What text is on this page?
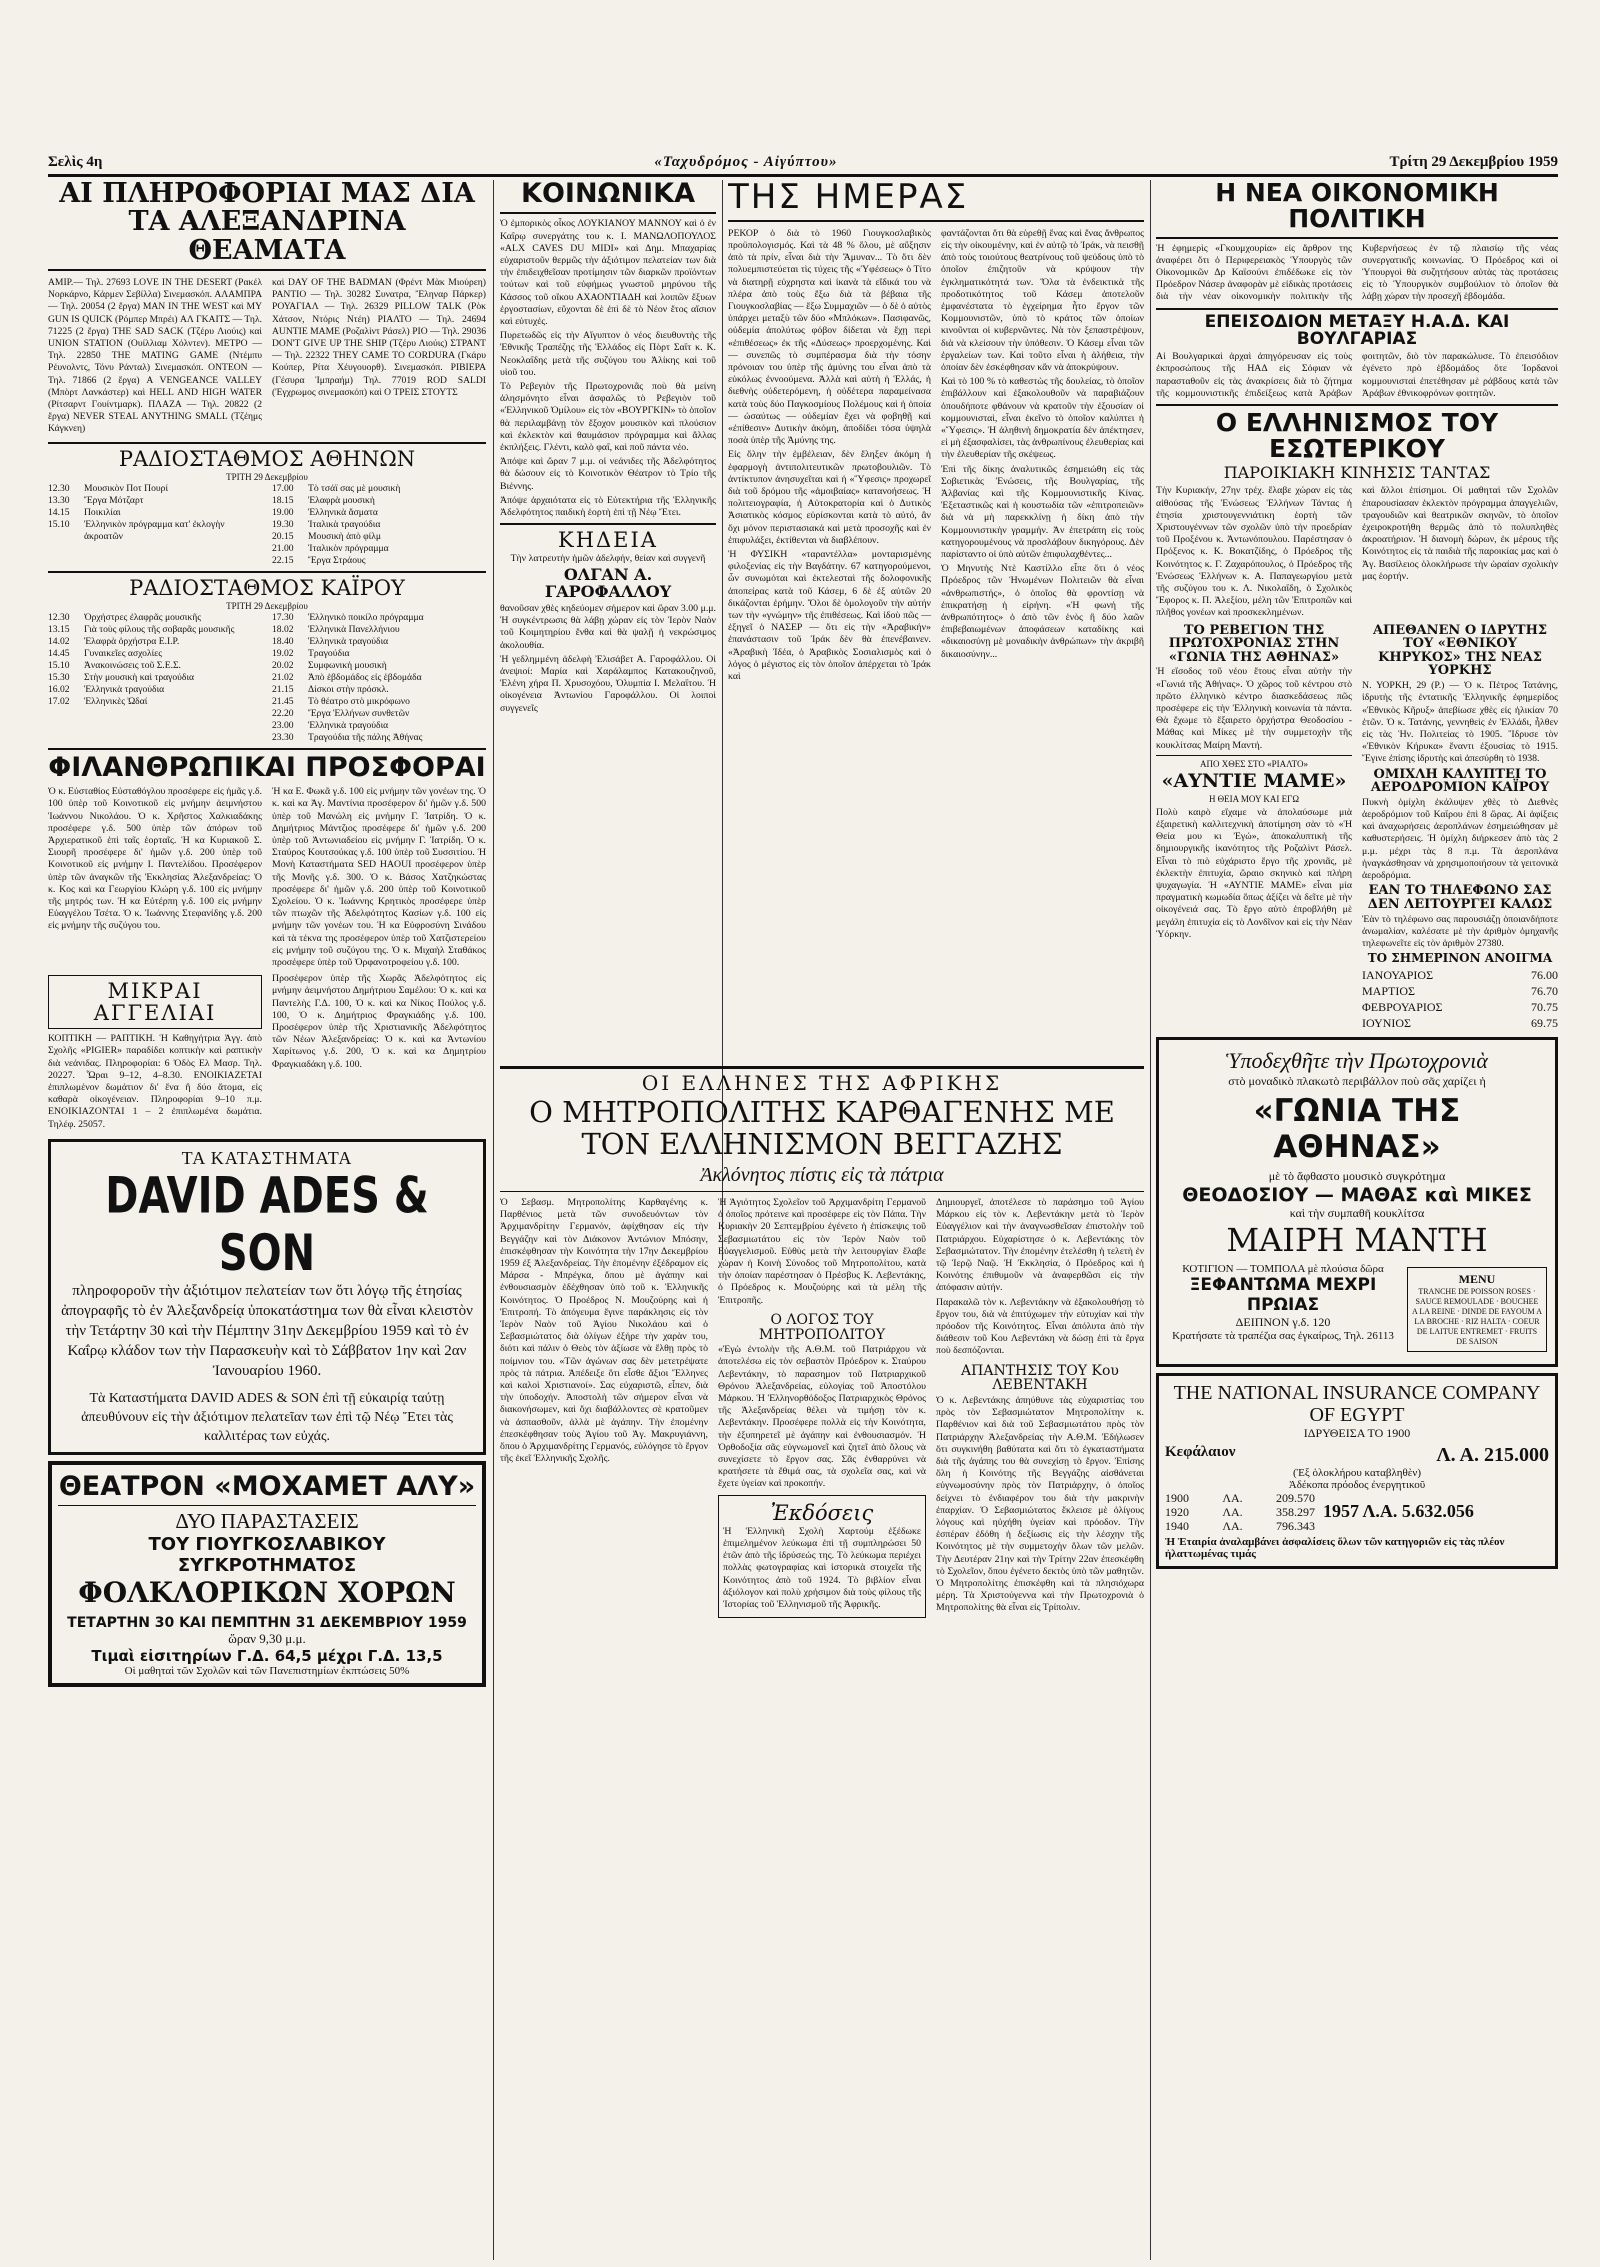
Σελὶς 4η	«Ταχυδρόμος - Αἰγύπτου»	Τρίτη 29 Δεκεμβρίου 1959
ΑΙ ΠΛΗΡΟΦΟΡΙΑΙ ΜΑΣ ΔΙΑ ΤΑ ΑΛΕΞΑΝΔΡΙΝΑ ΘΕΑΜΑΤΑ
ΑΜΙΡ.— Τηλ. 27693 LOVE IN THE DESERT (Ρακέλ Νορκάρνο, Κάρμεν Σεβίλλα) Σινεμασκόπ. ΑΛΑΜΠΡΑ — Τηλ. 20054 (2 ἔργα) MAN IN THE WEST καὶ MY GUN IS QUICK (Ρόμπερ Μπρέι) ΑΛ ΓΚΑΙΤΣ — Τηλ. 71225 (2 ἔργα) THE SAD SACK (Τζέρυ Λιούις) καὶ UNION STATION (Ουίλλιαμ Χόλντεν). ΜΕΤΡΟ — Τηλ. 22850 THE MATING GAME (Ντέμπυ Ρέυνολντς, Τόνυ Ράνταλ) Σινεμασκόπ. ΟΝΤΕΟΝ — Τηλ. 71866 (2 ἔργα) A VENGEANCE VALLEY (Μπὸρτ Λανκάστερ) καὶ HELL AND HIGH WATER (Ρίτσαρντ Γουίντμαρκ). ΠΛΑΖΑ — Τηλ. 20822 (2 ἔργα) NEVER STEAL ANYTHING SMALL (Τζέημς Κάγκνεη)
καὶ DAY OF THE BADMAN (Φρέντ Μὰκ Μιούρεη) ΡΑΝΤΙΟ — Τηλ. 30282 Συνατρα, Ἔληναρ Πάρκερ) ΡΟΥΑΓΙΑΛ — Τηλ. 26329 PILLOW TALK (Ρὸκ Χάτσον, Ντόρις Ντέη) ΡΙΑΛΤΟ — Τηλ. 24694 AUNTIE MAME (Ροζαλὶντ Ράσελ) ΡΙΟ — Τηλ. 29036 DON'T GIVE UP THE SHIP (Τζέρυ Λιούις) ΣΤΡΑΝΤ — Τηλ. 22322 THEY CAME TO CORDURA (Γκάρυ Κούπερ, Ρίτα Χέυγουορθ). Σινεμασκόπ. ΡΙΒΙΕΡΑ (Γέσυρα Ἰμπραήμ) Τηλ. 77019 ROD SALDI (Ἐγχρωμος σινεμασκόπ) καὶ Ο ΤΡΕΙΣ ΣΤΟΥΤΣ
ΡΑΔΙΟΣΤΑΘΜΟΣ ΑΘΗΝΩΝ
ΤΡΙΤΗ 29 Δεκεμβρίου
12.30	Μουσικὸν Ποτ Πουρί
13.30	Ἔργα Μότζαρτ
14.15	Ποικιλίαι
15.10	Ἑλληνικὸν πρόγραμμα κατ' ἐκλογὴν ἀκροατῶν
17.00	Τὸ τσάϊ σας μὲ μουσικὴ
18.15	Ἐλαφρὰ μουσικὴ
19.00	Ἑλληνικὰ ἄσματα
19.30	Ἰταλικὰ τραγούδια
20.15	Μουσικὴ ἀπὸ φίλμ
21.00	Ἰταλικὸν πρόγραμμα
22.15	Ἔργα Στράους
ΡΑΔΙΟΣΤΑΘΜΟΣ ΚΑΪΡΟΥ
ΤΡΙΤΗ 29 Δεκεμβρίου
12.30	Ὀρχήστρες ἐλαφρᾶς μουσικῆς
13.15	Γιὰ τοὺς φίλους τῆς σοβαρᾶς μουσικῆς
14.02	Ἐλαφρὰ ὀρχήστρα Ε.Ι.Ρ.
14.45	Γυναικεῖες ασχολίες
15.10	Ἀνακοινώσεις τοῦ Σ.Ε.Σ.
15.30	Στὴν μουσικὴ καὶ τραγούδια
16.02	Ἑλληνικὰ τραγούδια
17.02	Ἑλληνικὲς Ὠδαί
17.30	Ἑλληνικὸ ποικίλο πρόγραμμα
18.02	Ἑλληνικὰ Πανελλήνιου
18.40	Ἑλληνικὰ τραγούδια
19.02	Τραγούδια
20.02	Συμφωνικὴ μουσικὴ
21.02	Ἀπὸ ἑβδομάδος εἰς ἑβδομάδα
21.15	Δίσκοι στὴν πρόσκλ.
21.45	Τὸ θέατρο στὸ μικρόφωνο
22.20	Ἔργα Ἑλλήνων συνθετῶν
23.00	Ἑλληνικὰ τραγούδια
23.30	Τραγούδια τῆς πάλης Ἀθήνας
ΦΙΛΑΝΘΡΩΠΙΚΑΙ ΠΡΟΣΦΟΡΑΙ
Ὁ κ. Εὐσταθίος Εὐσταθόγλου προσέφερε εἰς ἡμᾶς γ.δ. 100 ὑπὲρ τοῦ Κοινοτικοῦ εἰς μνήμην ἀειμνήστου Ἰωάννου Νικολάου. Ὁ κ. Χρῆστος Χαλκιαδάκης προσέφερε γ.δ. 500 ὑπὲρ τῶν ἀπόρων τοῦ Ἀρχιερατικοῦ ἐπὶ ταῖς ἑορταῖς. Ἡ κα Κυριακοῦ Σ. Σιουρῆ προσέφερε δι' ἡμῶν γ.δ. 200 ὑπὲρ τοῦ Κοινοτικοῦ εἰς μνήμην Ι. Παντελίδου. Προσέφερον ὑπὲρ τῶν ἀναγκῶν τῆς Ἐκκλησίας Ἀλεξανδρείας: Ὁ κ. Κος καὶ κα Γεωργίου Κλώρη γ.δ. 100 εἰς μνήμην τῆς μητρός των. Ἡ κα Εὐτέρπη γ.δ. 100 εἰς μνήμην Εὐαγγέλου Τσέτα. Ὁ κ. Ἰωάννης Στεφανίδης γ.δ. 200 εἰς μνήμην τῆς συζύγου του.
Ἡ κα Ε. Φωκᾶ γ.δ. 100 εἰς μνήμην τῶν γονέων της. Ὁ κ. καὶ κα Ἀγ. Μαντίνια προσέφερον δι' ἡμῶν γ.δ. 500 ὑπὲρ τοῦ Μανώλη εἰς μνήμην Γ. Ἰατρίδη. Ὁ κ. Δημήτριος Μάντζιος προσέφερε δι' ἡμῶν γ.δ. 200 ὑπὲρ τοῦ Ἀντωνιαδείου εἰς μνήμην Γ. Ἰατρίδη. Ὁ κ. Σταύρος Κουτσούκας γ.δ. 100 ὑπὲρ τοῦ Συσσιτίου. Ἡ Μονὴ Καταστήματα SED HAOUI προσέφερον ὑπὲρ τῆς Μονῆς γ.δ. 300. Ὁ κ. Βάσος Χατζηκώστας προσέφερε δι' ἡμῶν γ.δ. 200 ὑπὲρ τοῦ Κοινοτικοῦ Σχολείου. Ὁ κ. Ἰωάννης Κρητικὸς προσέφερε ὑπὲρ τῶν πτωχῶν τῆς Ἀδελφότητος Κασίων γ.δ. 100 εἰς μνήμην τῶν γονέων του. Ἡ κα Εὐφροσύνη Σινάδου καὶ τὰ τέκνα της προσέφερον ὑπὲρ τοῦ Χατζιστερείου εἰς μνήμην τοῦ συζύγου της. Ὁ κ. Μιχαὴλ Σταθάκος προσέφερε ὑπὲρ τοῦ Ὀρφανοτροφείου γ.δ. 100.
ΜΙΚΡΑΙ ΑΓΓΕΛΙΑΙ
ΚΟΠΤΙΚΗ — ΡΑΠΤΙΚΗ. Ἡ Καθηγήτρια Ἀγγ. ἀπὸ Σχολῆς «PIGIER» παραδίδει κοπτικὴν καὶ ραπτικὴν διὰ νεάνιδας. Πληροφορίαι: 6 Ὁδὸς Ελ Μασρ. Τηλ. 20227. Ὧραι 9–12, 4–8.30. ΕΝΟΙΚΙΑΖΕΤΑΙ ἐπιπλωμένον δωμάτιον δι' ἕνα ἢ δύο ἄτομα, εἰς καθαρὰ οἰκογένειαν. Πληροφορίαι 9–10 π.μ. ΕΝΟΙΚΙΑΖΟΝΤΑΙ 1 – 2 ἐπιπλωμένα δωμάτια. Τηλέφ. 25057.
Προσέφερον ὑπὲρ τῆς Χωρᾶς Ἀδελφότητος εἰς μνήμην ἀειμνήστου Δημήτριου Σαμέλου: Ὁ κ. καὶ κα Παντελὴς Γ.Δ. 100, Ὁ κ. καὶ κα Νίκος Πούλος γ.δ. 100, Ὁ κ. Δημήτριος Φραγκιάδης γ.δ. 100. Προσέφερον ὑπὲρ τῆς Χριστιανικῆς Ἀδελφότητος τῶν Νέων Ἀλεξανδρείας: Ὁ κ. καὶ κα Ἀντωνίου Χαρίτωνος γ.δ. 200, Ὁ κ. καὶ κα Δημητρίου Φραγκιαδάκη γ.δ. 100.
ΤΑ ΚΑΤΑΣΤΗΜΑΤΑ
DAVID ADES & SON
πληροφοροῦν τὴν ἀξιότιμον πελατείαν των ὅτι λόγῳ τῆς ἐτησίας ἀπογραφῆς τὸ ἐν Ἀλεξανδρείᾳ ὑποκατάστημα των θὰ εἶναι κλειστὸν τὴν Τετάρτην 30 καὶ τὴν Πέμπτην 31ην Δεκεμβρίου 1959 καὶ τὸ ἐν Καΐρῳ κλάδον των τὴν Παρασκευὴν καὶ τὸ Σάββατον 1ην καὶ 2αν Ἰανουαρίου 1960.
Τὰ Καταστήματα DAVID ADES & SON ἐπὶ τῇ εὐκαιρίᾳ ταύτῃ ἀπευθύνουν εἰς τὴν ἀξιότιμον πελατεῖαν των ἐπὶ τῷ Νέῳ Ἔτει τὰς καλλιτέρας των εὐχάς.
ΘΕΑΤΡΟΝ «ΜΟΧΑΜΕΤ ΑΛΥ»
ΔΥΟ ΠΑΡΑΣΤΑΣΕΙΣ
ΤΟΥ ΓΙΟΥΓΚΟΣΛΑΒΙΚΟΥ ΣΥΓΚΡΟΤΗΜΑΤΟΣ
ΦΟΛΚΛΟΡΙΚΩΝ ΧΟΡΩΝ
ΤΕΤΑΡΤΗΝ 30 ΚΑΙ ΠΕΜΠΤΗΝ 31 ΔΕΚΕΜΒΡΙΟΥ 1959
ὥραν 9,30 μ.μ.
Τιμαὶ εἰσιτηρίων Γ.Δ. 64,5 μέχρι Γ.Δ. 13,5
Οἱ μαθηταὶ τῶν Σχολῶν καὶ τῶν Πανεπιστημίων ἐκπτώσεις 50%
ΚΟΙΝΩΝΙΚΑ
Ὁ ἐμπορικὸς οἶκος ΛΟΥΚΙΑΝΟΥ ΜΑΝΝΟΥ καὶ ὁ ἐν Καΐρῳ συνεργάτης του κ. Ι. ΜΑΝΩΛΟΠΟΥΛΟΣ «ALX CAVES DU MIDI» καὶ Δημ. Μπαχαρίας εὐχαριστοῦν θερμῶς τὴν ἀξιότιμον πελατείαν των διὰ τὴν ἐπιδειχθεῖσαν προτίμησιν τῶν διαρκῶν προϊόντων τούτων καὶ τοῦ εὐφήμως γνωστοῦ μηρύνου τῆς Κάσσος τοῦ οἴκου ΑΧΑΟΝΤΙΑΔΗ καὶ λοιπῶν ἔξυων ἐργοστασίων, εὔχονται δὲ ἐπὶ δὲ τὸ Νέον ἔτος αἴσιον καὶ εὐτυχές.
Πυρετωδῶς εἰς τὴν Αἴγυπτον ὁ νέος διευθυντὴς τῆς Ἐθνικῆς Τραπέζης τῆς Ἑλλάδος εἰς Πὸρτ Σαΐτ κ. Κ. Νεοκλαΐδης μετὰ τῆς συζύγου του Ἀλίκης καὶ τοῦ υἱοῦ του.
Τὸ Ρεβεγιὸν τῆς Πρωτοχρονιᾶς ποὺ θὰ μείνη ἀλησμόνητο εἶναι ἀσφαλῶς τὸ Ρεβεγιὸν τοῦ «Ἑλληνικοῦ Ὀμίλου» εἰς τὸν «ΒΟΥΡΓΚΙΝ» τὸ ὁποῖον θὰ περιλαμβάνῃ τὸν ἔξοχον μουσικὸν καὶ πλούσιον καὶ ἐκλεκτὸν καὶ θαυμάσιον πρόγραμμα καὶ ἄλλας ἐκπλήξεις. Γλέντι, καλὸ φαΐ, καὶ ποῦ πάντα νέο.
Ἀπόψε καὶ ὥραν 7 μ.μ. οἱ νεάνιδες τῆς Ἀδελφότητος θὰ δώσουν εἰς τὸ Κοινοτικὸν Θέατρον τὸ Τρίο τῆς Βιέννης.
Ἀπόψε ἀρχαιότατα εἰς τὸ Εὐτεκτήρια τῆς Ἑλληνικῆς Ἀδελφότητος παιδικὴ ἑορτὴ ἐπὶ τῇ Νέῳ Ἔτει.
ΚΗΔΕΙΑ
Τὴν λατρευτὴν ἡμῶν ἀδελφήν, θείαν καὶ συγγενῆ
ΟΛΓΑΝ Α. ΓΑΡΟΦΑΛΛΟΥ
θανοῦσαν χθὲς κηδεύομεν σήμερον καὶ ὥραν 3.00 μ.μ. Ἡ συγκέντρωσις θὰ λάβῃ χώραν εἰς τὸν Ἱερὸν Ναὸν τοῦ Κοιμητηρίου ἔνθα καὶ θὰ ψαλῇ ἡ νεκρώσιμος ἀκολουθία.
Ἡ γεδλημμένη ἀδελφὴ Ἐλισάβετ Α. Γαροφάλλου. Οἱ ἀνεψιοί: Μαρία καὶ Χαράλαμπος Κατακουζηνοῦ, Ἑλένη χήρα Π. Χρυσοχόου, Ὀλυμπία Ι. Μελαΐτου. Ἡ οἰκογένεια Ἀντωνίου Γαροφάλλου. Οἱ λοιποὶ συγγενεῖς
ΤΗΣ ΗΜΕΡΑΣ
ΡΕΚΟΡ ὁ διὰ τὸ 1960 Γιουγκοσλαβικὸς προϋπολογισμός. Καὶ τὰ 48 % ὅλου, μὲ αὔξησιν ἀπὸ τὰ πρίν, εἶναι διὰ τὴν Ἄμυναν... Τὸ ὅτι δὲν πολυεμπιστεύεται τὶς τύχεις τῆς «Ὑφέσεως» ὁ Τίτο νὰ διατηρῇ εὐχρηστα καὶ ἱκανὰ τὰ εἴδικά του νὰ πλέρα ἀπὸ τοὺς ἔξω διὰ τὰ βέβαια τῆς Γιουγκοσλαβίας — ἔξω Συμμαχιῶν — ὁ δὲ ὁ αὐτὸς ὑπάρχει μεταξὺ τῶν δύο «Μπλόκων». Πασιφανῶς, οὐδεμία ἀπολύτως φόβον δίδεται νὰ ἔχῃ περὶ «ἐπιθέσεως» ἐκ τῆς «Δύσεως» προερχομένης. Καὶ — συνεπῶς τὸ συμπέρασμα διὰ τὴν τόσην πρόνοιαν του ὑπὲρ τῆς ἀμύνης του εἶναι ἀπὸ τὰ εὐκόλως ἐννοούμενα. Ἀλλὰ καὶ αὐτὴ ἡ Ἑλλάς, ἡ διεθνὴς οὐδετερόμενη, ἡ οὐδέτερα παραμείνασα κατὰ τοὺς δύο Παγκοσμίους Πολέμους καὶ ἡ ὁποία — ὡσαύτως — οὐδεμίαν ἔχει νὰ φοβηθῇ καὶ «ἐπίθεσιν» Δυτικὴν ἀκόμη, ἀποδίδει τόσα ὑψηλὰ ποσὰ ὑπὲρ τῆς Ἀμύνης της.
Εἰς ὅλην τὴν ἐμβέλειαν, δὲν ἔληξεν ἀκόμη ἡ ἐφαρμογὴ ἀντιπολιτευτικῶν πρωτοβουλιῶν. Τὸ ἀντίκτυπον ἀνησυχεῖται καὶ ἡ «Ὕφεσις» προχωρεῖ διὰ τοῦ δρόμου τῆς «ἀμοιβαίας» κατανοήσεως. Ἡ πολιτειογραφία, ἡ Αὐτοκρατορία καὶ ὁ Δυτικὸς Ἀσιατικὸς κόσμος εὑρίσκονται κατὰ τὸ αὐτό, ἂν ὄχι μόνον περιστασιακά καὶ μετὰ προσοχῆς καὶ ἐν ἐπιφυλάξει, ἐκτίθενται νὰ διαβλέπουν.
Ἡ ΦΥΣΙΚΗ «ταραντέλλα» μονταρισμένης φιλοξενίας εἰς τὴν Βαγδάτην. 67 κατηγορούμενοι, ὧν συνωμόται καὶ ἐκτελεσταὶ τῆς δολοφονικῆς ἀποπείρας κατὰ τοῦ Κάσεμ, 6 δὲ ἐξ αὐτῶν 20 δικάζονται ἐρήμην. Ὅλοι δὲ ὁμολογοῦν τὴν αὐτήν των τὴν «γνώμην» τῆς ἐπιθέσεως. Καὶ ἰδοὺ πῶς — ἐξηγεῖ ὁ ΝΑΣΕΡ — ὅτι εἰς τὴν «Ἀραβικήν» ἐπανάστασιν τοῦ Ἰράκ δὲν θὰ ἐπενέβαινεν. «Ἀραβικὴ Ἰδέα, ὁ Ἀραβικὸς Σοσιαλισμὸς καὶ ὁ λόγος ὁ μέγιστος εἰς τὸν ὁποῖον ἀπέρχεται τὸ Ἰράκ καὶ
φαντάζονται ὅτι θὰ εὑρεθῇ ἕνας καὶ ἕνας ἄνθρωπος εἰς τὴν οἰκουμένην, καὶ ἐν αὐτῷ τὸ Ἰράκ, νὰ πεισθῇ ἀπὸ τοὺς τοιούτους θεατρίνους τοῦ ψεύδους ὑπὸ τὸ ὁποῖον ἐπιζητοῦν νὰ κρύψουν τὴν ἐγκληματικότητά των. Ὅλα τὰ ἐνδεικτικὰ τῆς προδοτικότητος τοῦ Κάσεμ ἀποτελοῦν ἐμφανέστατα τὸ ἐγχείρημα ἦτο ἔργον τῶν Κομμουνιστῶν, ὑπὸ τὸ κράτος τῶν ὁποίων κινοῦνται οἱ κυβερνῶντες. Νὰ τὸν ξεπαστρέψουν, διὰ νὰ κλείσουν τὴν ὑπόθεσιν. Ὁ Κάσεμ εἶναι τῶν ἐργαλείων των. Καὶ τοῦτο εἶναι ἡ ἀλήθεια, τὴν ὁποίαν δὲν ἐσκέφθησαν κἂν νὰ ἀποκρύψουν.
Καὶ τὸ 100 % τὸ καθεστὼς τῆς δουλείας, τὸ ὁποῖον ἐπιβάλλουν καὶ ἐξακολουθοῦν νὰ παραβιάζουν ὁπουδήποτε φθάνουν νὰ κρατοῦν τὴν ἐξουσίαν οἱ κομμουνισταὶ, εἶναι ἐκεῖνο τὸ ὁποῖον καλύπτει ἡ «Ὕφεσις». Ἡ ἀληθινὴ δημοκρατία δὲν ἀπέκτησεν, εἰ μὴ ἐξασφαλίσει, τὰς ἀνθρωπίνους ἐλευθερίας καὶ τὴν ἐλευθερίαν τῆς σκέψεως.
Ἐπὶ τῆς δίκης ἀναλυτικῶς ἐσημειώθη εἰς τὰς Σοβιετικὰς Ἑνώσεις, τῆς Βουλγαρίας, τῆς Ἀλβανίας καὶ τῆς Κομμουνιστικῆς Κίνας. Ἐξεταστικῶς καὶ ἡ κουστωδία τῶν «ἐπιτροπειῶν» διὰ νὰ μὴ παρεκκλίνῃ ἡ δίκη ἀπὸ τὴν Κομμουνιστικὴν γραμμήν. Ἀν ἐπετράπη εἰς τοὺς κατηγορουμένους νὰ προσλάβουν δικηγόρους. Δὲν παρίσταντο οἱ ὑπὸ αὐτῶν ἐπιφυλαχθέντες...
Ὁ Μηνυτὴς Ντὲ Καστίλλο εἶπε ὅτι ὁ νέος Πρόεδρος τῶν Ἡνωμένων Πολιτειῶν θὰ εἶναι «ἀνθρωπιστής», ὁ ὁποῖος θὰ φροντίσῃ νὰ ἐπικρατήσῃ ἡ εἰρήνη. «Ἡ φωνή τῆς ἀνθρωπότητος» ὁ ἀπὸ τῶν ἑνὸς ἢ δύο λαῶν ἐπιβεβαιωμένων ἀποφάσεων καταδίκης καὶ «δικαιοσύνῃ μὲ μοναδικὴν ἀνθρώπων» τὴν ἀκριβῆ δικαιοσύνην...
ΟΙ ΕΛΛΗΝΕΣ ΤΗΣ ΑΦΡΙΚΗΣ
Ο ΜΗΤΡΟΠΟΛΙΤΗΣ ΚΑΡΘΑΓΕΝΗΣ ΜΕ ΤΟΝ ΕΛΛΗΝΙΣΜΟΝ ΒΕΓΓΑΖΗΣ
Ἀκλόνητος πίστις εἰς τὰ πάτρια
Ὁ Σεβασμ. Μητροπολίτης Καρθαγένης κ. Παρθένιος μετὰ τῶν συνοδευόντων τὸν Ἀρχιμανδρίτην Γερμανόν, ἀφίχθησαν εἰς τὴν Βεγγάζην καὶ τὸν Διάκονον Ἀντώνιον Μπόσην, ἐπισκέφθησαν τὴν Κοινότητα τὴν 17ην Δεκεμβρίου 1959 ἐξ Ἀλεξανδρείας. Τὴν ἐπομένην ἐξέδραμον εἰς Μάρσα - Μπρέγκα, ὅπου μὲ ἀγάπην καὶ ἐνθουσιασμὸν ἐδέχθησαν ὑπὸ τοῦ κ. Ἑλληνικῆς Κοινότητος. Ὁ Προέδρος Ν. Μουζούρης καὶ ἡ Ἐπιτροπή. Τὸ ἀπόγευμα ἔγινε παράκλησις εἰς τὸν Ἱερὸν Ναὸν τοῦ Ἁγίου Νικολάου καὶ ὁ Σεβασμιώτατος διὰ ὀλίγων ἐξήρε τὴν χαρὰν του, διότι καὶ πάλιν ὁ Θεὸς τὸν ἀξίωσε νὰ ἔλθῃ πρὸς τὸ ποίμνιον του. «Τῶν ἀγώνων σας δὲν μετετρέψατε πρὸς τὰ πάτρια. Ἀπέδειξε ὅτι εἶσθε ἄξιοι Ἕλληνες καὶ καλοὶ Χριστιανοί». Σας εὐχαριστῶ, εἶπεν, διὰ τὴν ὑποδοχήν. Ἀποστολὴ τῶν σήμερον εἶναι νὰ διακονήσωμεν, καὶ ὄχι διαβάλλοντες σὲ κρατοῦμεν νὰ ἀσπασθοῦν, ἀλλὰ μὲ ἀγάπην. Τὴν ἐπομένην ἐπεσκέφθησαν τοὺς Ἀγίου τοῦ Ἀγ. Μακρυγιάννη, ὅπου ὁ Ἀρχιμανδρίτης Γερμανός, εὐλόγησε τὸ ἔργον τῆς ἐκεῖ Ἑλληνικῆς Σχολῆς.
Ἡ Ἁγιότητος Σχολεῖον τοῦ Ἀρχιμανδρίτη Γερμανοῦ ὁ ὁποῖος πρότεινε καὶ προσέφερε εἰς τὸν Πάπα. Τὴν Κυριακὴν 20 Σεπτεμβρίου ἐγένετο ἡ ἐπίσκεψις τοῦ Σεβασμιωτάτου εἰς τὸν Ἱερὸν Ναὸν τοῦ Εὐαγγελισμοῦ. Εὐθὺς μετὰ τὴν λειτουργίαν ἔλαβε χώραν ἡ Κοινὴ Σύνοδος τοῦ Μητροπολίτου, κατὰ τὴν ὁποίαν παρέστησαν ὁ Πρέσβυς Κ. Λεβεντάκης, ὁ Πρόεδρος κ. Μουζούρης καὶ τὰ μέλη τῆς Ἐπιτροπῆς.
Ο ΛΟΓΟΣ ΤΟΥ ΜΗΤΡΟΠΟΛΙΤΟΥ
«Ἐγὼ ἐντολὴν τῆς Α.Θ.Μ. τοῦ Πατριάρχου νὰ ἀποτελέσω εἰς τὸν σεβαστὸν Πρόεδρον κ. Σταύρου Λεβεντάκην, τὸ παρασημον τοῦ Πατριαρχικοῦ Θρόνου Ἀλεξανδρείας, εὐλογίας τοῦ Ἀποστόλου Μάρκου. Ἡ Ἑλληνορθόδοξος Πατριαρχικὸς Θρόνος τῆς Ἀλεξανδρείας θέλει νὰ τιμήσῃ τὸν κ. Λεβεντάκην. Προσέφερε πολλὰ εἰς τὴν Κοινότητα, τὴν ἐξυπηρετεῖ μὲ ἀγάπην καὶ ἐνθουσιασμόν. Ἡ Ὀρθοδοξία σᾶς εὐγνωμονεῖ καὶ ζητεῖ ἀπὸ ὅλους νὰ συνεχίσετε τὸ ἔργον σας. Σᾶς ἐνθαρρύνει νὰ κρατήσετε τὰ ἔθιμά σας, τὰ σχολεῖα σας, καὶ νὰ ἔχετε ὑγείαν καὶ προκοπήν.
Ἐκδόσεις
Ἡ Ἑλληνικὴ Σχολὴ Χαρτούμ ἐξέδωκε ἐπιμελημένον λεύκωμα ἐπὶ τῇ συμπληρώσει 50 ἐτῶν ἀπὸ τῆς ἱδρύσεώς της. Τὸ λεύκωμα περιέχει πολλὰς φωτογραφίας καὶ ἱστορικὰ στοιχεῖα τῆς Κοινότητος ἀπὸ τοῦ 1924. Τὸ βιβλίον εἶναι ἀξιόλογον καὶ πολὺ χρήσιμον διὰ τοὺς φίλους τῆς Ἱστορίας τοῦ Ἑλληνισμοῦ τῆς Ἀφρικῆς.
Δημιουργεῖ, ἀποτέλεσε τὸ παράσημο τοῦ Ἁγίου Μάρκου εἰς τὸν κ. Λεβεντάκην μετὰ τὸ Ἱερὸν Εὐαγγέλιον καὶ τὴν ἀναγνωσθεῖσαν ἐπιστολὴν τοῦ Πατριάρχου. Εὐχαρίστησε ὁ κ. Λεβεντάκης τὸν Σεβασμιώτατον. Τὴν ἐπομένην ἐτελέσθη ἡ τελετὴ ἐν τῷ Ἱερῷ Ναῷ. Ἡ Ἐκκλησία, ὁ Πρόεδρος καὶ ἡ Κοινότης ἐπιθυμοῦν νὰ ἀναφερθῶσι εἰς τὴν ἀπόφασιν αὐτήν.
Παρακαλῶ τὸν κ. Λεβεντάκην νὰ ἐξακολουθήσῃ τὸ ἔργον του, διὰ νὰ ἐπιτύχωμεν τὴν εὐτυχίαν καὶ τὴν πρόοδον τῆς Κοινότητος. Εἶναι ἀπόλυτα ἀπὸ τὴν διάθεσιν τοῦ Κου Λεβεντάκη νὰ δώσῃ ἐπὶ τὰ ἔργα ποὺ δεσπόζονται.
ΑΠΑΝΤΗΣΙΣ ΤΟΥ Κου ΛΕΒΕΝΤΑΚΗ
Ὁ κ. Λεβεντάκης ἀπηύθυνε τὰς εὐχαριστίας του πρὸς τὸν Σεβασμιώτατον Μητροπολίτην κ. Παρθένιον καὶ διὰ τοῦ Σεβασμιωτάτου πρὸς τὸν Πατριάρχην Ἀλεξανδρείας τὴν Α.Θ.Μ. Ἐδήλωσεν ὅτι συγκινήθη βαθύτατα καὶ ὅτι τὸ ἐγκαταστήματα διὰ τῆς ἀγάπης του θὰ συνεχίσῃ τὸ ἔργον. Ἐπίσης ὅλη ἡ Κοινότης τῆς Βεγγάζης αἰσθάνεται εὐγνωμοσύνην πρὸς τὸν Πατριάρχην, ὁ ὁποῖος δείχνει τὸ ἐνδιαφέρον του διὰ τὴν μακρινὴν ἐπαρχίαν. Ὁ Σεβασμιώτατος ἔκλεισε μὲ ὀλίγους λόγους καὶ ηὐχήθη ὑγείαν καὶ πρόοδον. Τὴν ἑσπέραν ἐδόθη ἡ δεξίωσις εἰς τὴν λέσχην τῆς Κοινότητος μὲ τὴν συμμετοχὴν ὅλων τῶν μελῶν. Τὴν Δευτέραν 21ην καὶ τὴν Τρίτην 22αν ἐπεσκέφθη τὸ Σχολεῖον, ὅπου ἐγένετο δεκτὸς ὑπὸ τῶν μαθητῶν. Ὁ Μητροπολίτης ἐπισκέφθη καὶ τὰ πλησιόχωρα μέρη. Τὰ Χριστούγεννα καὶ τὴν Πρωτοχρονιὰ ὁ Μητροπολίτης θὰ εἶναι εἰς Τρίπολιν.
Η ΝΕΑ ΟΙΚΟΝΟΜΙΚΗ ΠΟΛΙΤΙΚΗ
Ἡ ἐφημερὶς «Γκουμχουρία» εἰς ἄρθρον της ἀναφέρει ὅτι ὁ Περιφερειακὸς Ὑπουργὸς τῶν Οἰκονομικῶν Δρ Καϊσούνι ἐπιδέδωκε εἰς τὸν Πρόεδρον Νάσερ ἀναφορὰν μὲ εἰδικὰς προτάσεις διὰ τὴν νέαν οἰκονομικὴν πολιτικὴν τῆς Κυβερνήσεως ἐν τῷ πλαισίῳ τῆς νέας συνεργατικῆς κοινωνίας. Ὁ Πρόεδρος καὶ οἱ Ὑπουργοὶ θὰ συζητήσουν αὐτὰς τὰς προτάσεις εἰς τὸ Ὑπουργικὸν συμβούλιον τὸ ὁποῖον θὰ λάβῃ χώραν τὴν προσεχῆ ἑβδομάδα.
ΕΠΕΙΣΟΔΙΟΝ ΜΕΤΑΞΥ Η.Α.Δ. ΚΑΙ ΒΟΥΛΓΑΡΙΑΣ
Αἱ Βουλγαρικαὶ ἀρχαὶ ἀπηγόρευσαν εἰς τοὺς ἐκπροσώπους τῆς ΗΑΔ εἰς Σόφιαν νὰ παρασταθοῦν εἰς τὰς ἀνακρίσεις διὰ τὸ ζήτημα τῆς κομμουνιστικῆς ἐπιδείξεως κατὰ Ἀράβων φοιτητῶν, διὸ τὸν παρακώλυσε. Τὸ ἐπεισόδιον ἐγένετο πρὸ ἑβδομάδος ὅτε Ἰορδανοὶ κομμουνισταὶ ἐπετέθησαν μὲ ράβδους κατὰ τῶν Ἀράβων ἐθνικοφρόνων φοιτητῶν.
Ο ΕΛΛΗΝΙΣΜΟΣ ΤΟΥ ΕΣΩΤΕΡΙΚΟΥ
ΠΑΡΟΙΚΙΑΚΗ ΚΙΝΗΣΙΣ ΤΑΝΤΑΣ
Τὴν Κυριακήν, 27ην τρέχ. ἔλαβε χώραν εἰς τὰς αἰθούσας τῆς Ἑνώσεως Ἑλλήνων Τάντας ἡ ἐτησία χριστουγεννιάτικη ἑορτὴ τῶν Χριστουγέννων τῶν σχολῶν ὑπὸ τὴν προεδρίαν τοῦ Προξένου κ. Ἀντωνόπουλου. Παρέστησαν ὁ Πρόξενος κ. Κ. Βοκατζίδης, ὁ Πρόεδρος τῆς Κοινότητος κ. Γ. Ζαχαρόπουλος, ὁ Πρόεδρος τῆς Ἑνώσεως Ἑλλήνων κ. Α. Παπαγεωργίου μετὰ τῆς συζύγου του κ. Λ. Νικολαΐδη, ὁ Σχολικὸς Ἔφορος κ. Π. Ἀλεξίου, μέλη τῶν Ἐπιτροπῶν καὶ πλῆθος γονέων καὶ προσκεκλημένων.
καὶ ἄλλοι ἐπίσημοι. Οἱ μαθηταὶ τῶν Σχολῶν ἐπαρουσίασαν ἐκλεκτὸν πρόγραμμα ἀπαγγελιῶν, τραγουδιῶν καὶ θεατρικῶν σκηνῶν, τὸ ὁποῖον ἐχειροκροτήθη θερμῶς ἀπὸ τὸ πολυπληθὲς ἀκροατήριον. Ἡ διανομὴ δώρων, ἐκ μέρους τῆς Κοινότητος εἰς τὰ παιδιὰ τῆς παροικίας μας καὶ ὁ Ἀγ. Βασίλειος ὁλοκλήρωσε τὴν ὡραίαν σχολικὴν μας ἑορτήν.
ΤΟ ΡΕΒΕΓΙΟΝ ΤΗΣ ΠΡΩΤΟΧΡΟΝΙΑΣ ΣΤΗΝ «ΓΩΝΙΑ ΤΗΣ ΑΘΗΝΑΣ»
Ἡ εἴσοδος τοῦ νέου ἔτους εἶναι αὐτὴν τὴν «Γωνιά τῆς Ἀθήνας». Ὁ χῶρος τοῦ κέντρου στὸ πρῶτο ἐλληνικὸ κέντρο διασκεδάσεως πῶς προσέφερε εἰς τὴν Ἑλληνικὴ κοινωνία τὰ πάντα. Θὰ ἔχωμε τὸ ἔξαιρετο ὀρχήστρα Θεοδοσίου - Μάθας καὶ Μίκες μὲ τὴν συμμετοχὴν τῆς κουκλίτσας Μαίρη Μαντή.
ΑΠΟ ΧΘΕΣ ΣΤΟ «ΡΙΑΛΤΟ»
«ΑΥΝΤΙΕ ΜΑΜΕ»
Η ΘΕΙΑ ΜΟΥ ΚΑΙ ΕΓΩ
Πολὺ καιρὸ εἴχαμε νὰ ἀπολαύσωμε μιὰ ἐξαιρετικὴ καλλιτεχνικὴ ἀποτίμηση σὰν τὸ «Ἡ Θεία μου κι Ἐγώ», ἀποκαλυπτικὴ τῆς δημιουργικῆς ἱκανότητος τῆς Ροζαλὶντ Ράσελ. Εἶναι τὸ πιὸ εὐχάριστο ἔργο τῆς χρονιᾶς, μὲ ἐκλεκτὴν ἐπιτυχία, ὥραιο σκηνικὸ καὶ πλήρη ψυχαγωγία. Ἡ «ΑΥΝΤΙΕ ΜΑΜΕ» εἶναι μία πραγματικὴ κωμωδία ὅπως ἀξίζει νὰ δεῖτε μὲ τὴν οἰκογένειά σας. Τὸ ἔργο αὐτὸ ἐπροβλήθη μὲ μεγάλη ἐπιτυχία εἰς τὸ Λονδῖνον καὶ εἰς τὴν Νέαν Ὑόρκην.
ΑΠΕΘΑΝΕΝ Ο ΙΔΡΥΤΗΣ ΤΟΥ «ΕΘΝΙΚΟΥ ΚΗΡΥΚΟΣ» ΤΗΣ ΝΕΑΣ ΥΟΡΚΗΣ
Ν. ΥΟΡΚΗ, 29 (Ρ.) — Ὁ κ. Πέτρος Τατάνης, ἱδρυτὴς τῆς ἐντατικῆς Ἑλληνικῆς ἐφημερίδος «Ἐθνικὸς Κῆρυξ» ἀπεβίωσε χθὲς εἰς ἡλικίαν 70 ἐτῶν. Ὁ κ. Τατάνης, γεννηθεὶς ἐν Ἑλλάδι, ἦλθεν εἰς τὰς Ἡν. Πολιτείας τὸ 1905. Ἵδρυσε τὸν «Ἐθνικὸν Κήρυκα» ἔναντι ἐξουσίας τὸ 1915. Ἔγινε ἐπίσης ἱδρυτὴς καὶ ἀπεσύρθη τὸ 1938.
ΟΜΙΧΛΗ ΚΑΛΥΠΤΕΙ ΤΟ ΑΕΡΟΔΡΟΜΙΟΝ ΚΑΪΡΟΥ
Πυκνὴ ὁμίχλη ἐκάλυψεν χθὲς τὸ Διεθνὲς ἀεροδρόμιον τοῦ Καΐρου ἐπὶ 8 ὥρας. Αἱ ἀφίξεις καὶ ἀναχωρήσεις ἀεροπλάνων ἐσημειώθησαν μὲ καθυστερήσεις. Ἡ ὁμίχλη διήρκεσεν ἀπὸ τὰς 2 μ.μ. μέχρι τὰς 8 π.μ. Τὰ ἀεροπλάνα ἠναγκάσθησαν νὰ χρησιμοποιήσουν τὰ γειτονικὰ ἀεροδρόμια.
ΕΑΝ ΤΟ ΤΗΛΕΦΩΝΟ ΣΑΣ ΔΕΝ ΛΕΙΤΟΥΡΓΕΙ ΚΑΛΩΣ
Ἐὰν τὸ τηλέφωνο σας παρουσιάζῃ ὁποιανδήποτε ἀνωμαλίαν, καλέσατε μὲ τὴν ἀριθμὸν ὁμηχανῆς τηλεφωνεῖτε εἰς τὸν ἀριθμὸν 27380.
ΤΟ ΣΗΜΕΡΙΝΟΝ ΑΝΟΙΓΜΑ
ΙΑΝΟΥΑΡΙΟΣ	76.00
ΜΑΡΤΙΟΣ	76.70
ΦΕΒΡΟΥΑΡΙΟΣ	70.75
ΙΟΥΝΙΟΣ	69.75
Ὑποδεχθῆτε τὴν Πρωτοχρονιὰ
στὸ μοναδικὸ πλακωτὸ περιβάλλον ποὺ σᾶς χαρίζει ἡ
«ΓΩΝΙΑ ΤΗΣ ΑΘΗΝΑΣ»
μὲ τὸ ἄφθαστο μουσικὸ συγκρότημα
ΘΕΟΔΟΣΙΟΥ — ΜΑΘΑΣ καὶ ΜΙΚΕΣ
καὶ τὴν συμπαθῆ κουκλίτσα
ΜΑΙΡΗ ΜΑΝΤΗ
ΚΟΤΙΓΙΟΝ — ΤΟΜΠΟΛΑ μὲ πλούσια δῶρα
ΞΕΦΑΝΤΩΜΑ ΜΕΧΡΙ ΠΡΩΙΑΣ
ΔΕΙΠΝΟΝ γ.δ. 120
Κρατήσατε τὰ τραπέζια σας ἐγκαίρως, Τηλ. 26113
MENU
TRANCHE DE POISSON ROSES · SAUCE REMOULADE · BOUCHEE A LA REINE · DINDE DE FAYOUM A LA BROCHE · RIZ HALTA · COEUR DE LAITUE ENTREMET · FRUITS DE SAISON
THE NATIONAL INSURANCE COMPANY OF EGYPT
ΙΔΡΥΘΕΙΣΑ ΤΟ 1900
Κεφάλαιον	Λ. Α. 215.000
(Ἐξ ὁλοκλήρου καταβληθὲν)
Ἀδέκοπα πρόοδος ἐνεργητικοῦ
1900	ΛΑ.	209.570
1920	ΛΑ.	358.297
1940	ΛΑ.	796.343
1957 Λ.Α. 5.632.056
Ἡ Ἑταιρία ἀναλαμβάνει ἀσφαλίσεις ὅλων τῶν κατηγοριῶν εἰς τὰς πλέον ἠλαττωμένας τιμάς
